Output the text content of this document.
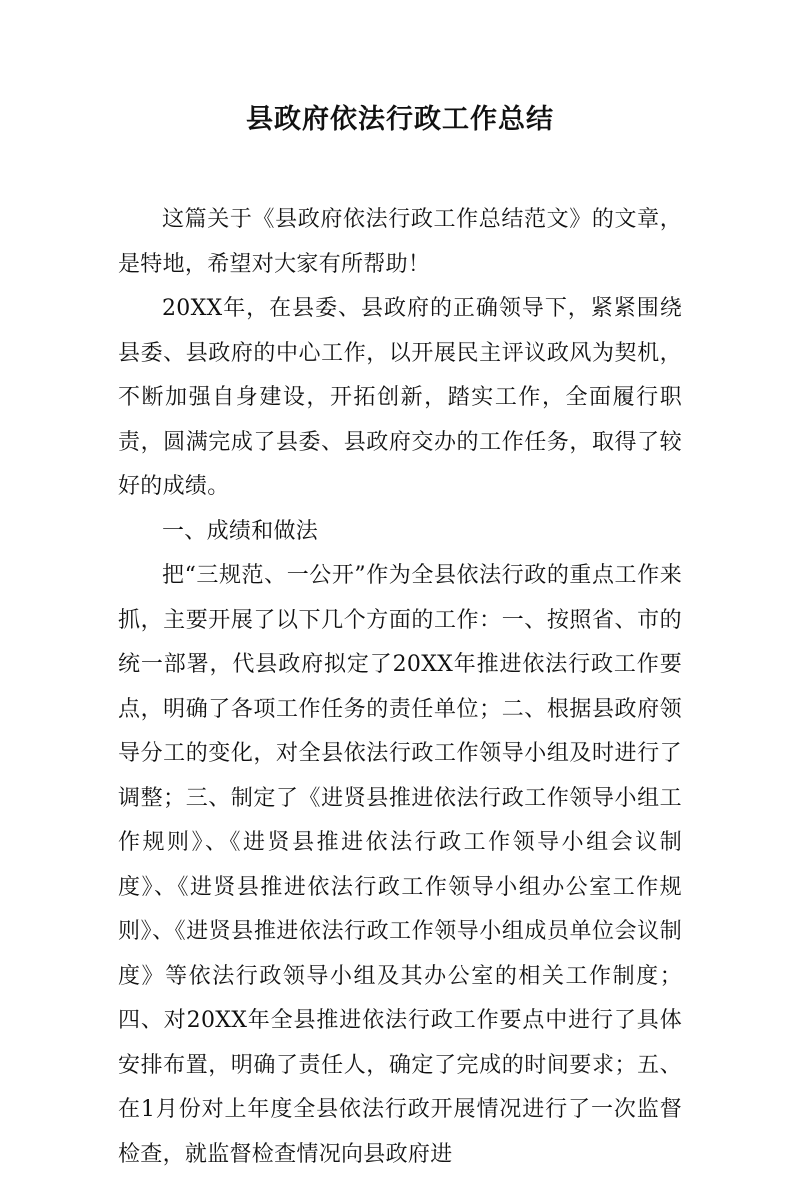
县政府依法行政工作总结

这篇关于《县政府依法行政工作总结范文》的文章，是特地，希望对大家有所帮助！

20XX年，在县委、县政府的正确领导下，紧紧围绕县委、县政府的中心工作，以开展民主评议政风为契机，不断加强自身建设，开拓创新，踏实工作，全面履行职责，圆满完成了县委、县政府交办的工作任务，取得了较好的成绩。

一、成绩和做法

把“三规范、一公开”作为全县依法行政的重点工作来抓，主要开展了以下几个方面的工作：一、按照省、市的统一部署，代县政府拟定了20XX年推进依法行政工作要点，明确了各项工作任务的责任单位；二、根据县政府领导分工的变化，对全县依法行政工作领导小组及时进行了调整；三、制定了《进贤县推进依法行政工作领导小组工作规则》、《进贤县推进依法行政工作领导小组会议制度》、《进贤县推进依法行政工作领导小组办公室工作规则》、《进贤县推进依法行政工作领导小组成员单位会议制度》等依法行政领导小组及其办公室的相关工作制度；四、对20XX年全县推进依法行政工作要点中进行了具体安排布置，明确了责任人，确定了完成的时间要求；五、在1月份对上年度全县依法行政开展情况进行了一次监督检查，就监督检查情况向县政府进
